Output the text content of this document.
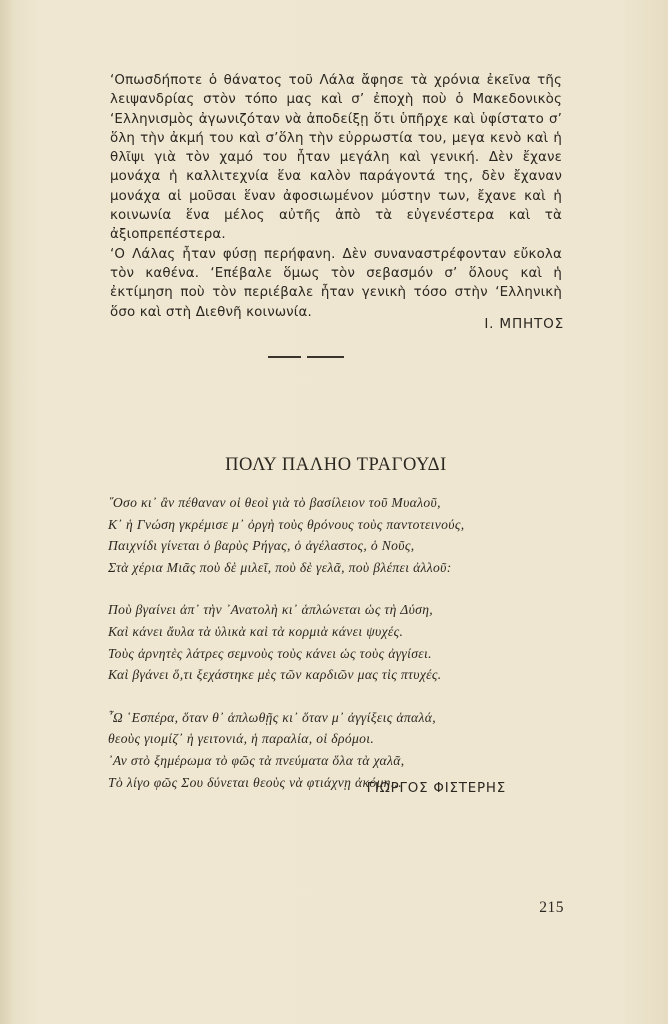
‘Οπωσδήποτε ὁ θάνατος τοῦ Λάλα ἄφησε τὰ χρόνια ἐκεῖνα τῆς λειψανδρίας στὸν τόπο μας καὶ σ’ ἐποχὴ ποὺ ὁ Μακεδονικὸς ‘Ελληνισμὸς ἀγωνιζόταν νὰ ἀποδείξῃ ὅτι ὑπῆρχε καὶ ὑφίστατο σ’ ὅλη τὴν ἀκμή του καὶ σ’ὅλη τὴν εὐρρωστία του, μεγα κενὸ καὶ ἡ θλῖψι γιὰ τὸν χαμό του ἦταν μεγάλη καὶ γενική. Δὲν ἔχανε μονάχα ἡ καλλιτεχνία ἕνα καλὸν παράγοντά της, δὲν ἔχαναν μονάχα αἱ μοῦσαι ἕναν ἀφοσιωμένον μύστην των, ἔχανε καὶ ἡ κοινωνία ἕνα μέλος αὐτῆς ἀπὸ τὰ εὐγενέστερα καὶ τὰ ἀξιοπρεπέστερα.

‘Ο Λάλας ἦταν φύσῃ περήφανη. Δὲν συναναστρέφονταν εὔκολα τὸν καθένα. ‘Επέβαλε ὅμως τὸν σεβασμόν σ’ ὅλους καὶ ἡ ἐκτίμηση ποὺ τὸν περιέβαλε ἦταν γενικὴ τόσο στὴν ‘Ελληνικὴ ὅσο καὶ στὴ Διεθνῆ κοινωνία.

Ι. ΜΠΗΤΟΣ
ΠΟΛΥ ΠΑΛΗΟ ΤΡΑΓΟΥΔΙ
῞Οσο κι᾿ ἂν πέθαναν οἱ θεοὶ γιὰ τὸ βασίλειον τοῦ Μυαλοῦ,
Κ᾿ ἡ Γνώση γκρέμισε μ᾿ ὀργὴ τοὺς θρόνους τοὺς παντοτεινούς,
Παιχνίδι γίνεται ὁ βαρὺς Ρήγας, ὁ ἀγέλαστος, ὁ Νοῦς,
Στὰ χέρια Μιᾶς ποὺ δὲ μιλεῖ, ποὺ δὲ γελᾶ, ποὺ βλέπει ἀλλοῦ:
Ποὺ βγαίνει ἀπ᾿ τὴν ᾿Ανατολὴ κι᾿ ἁπλώνεται ὡς τὴ Δύση,
Καὶ κάνει ἄυλα τὰ ὑλικὰ καὶ τὰ κορμιὰ κάνει ψυχές.
Τοὺς ἀρνητὲς λάτρες σεμνοὺς τοὺς κάνει ὡς τοὺς ἀγγίσει.
Καὶ βγάνει ὅ,τι ξεχάστηκε μὲς τῶν καρδιῶν μας τὶς πτυχές.
῏Ω ῾Εσπέρα, ὅταν θ᾿ ἁπλωθῇς κι᾿ ὅταν μ᾿ ἀγγίξεις ἁπαλά,
θεοὺς γιομίζ᾿ ἡ γειτονιά, ἡ παραλία, οἱ δρόμοι.
᾿Αν στὸ ξημέρωμα τὸ φῶς τὰ πνεύματα ὅλα τὰ χαλᾶ,
Τὸ λίγο φῶς Σου δύνεται θεοὺς νὰ φτιάχνῃ ἀκόμη...
ΓΙΩΡΓΟΣ ΦΙΣΤΕΡΗΣ
215
